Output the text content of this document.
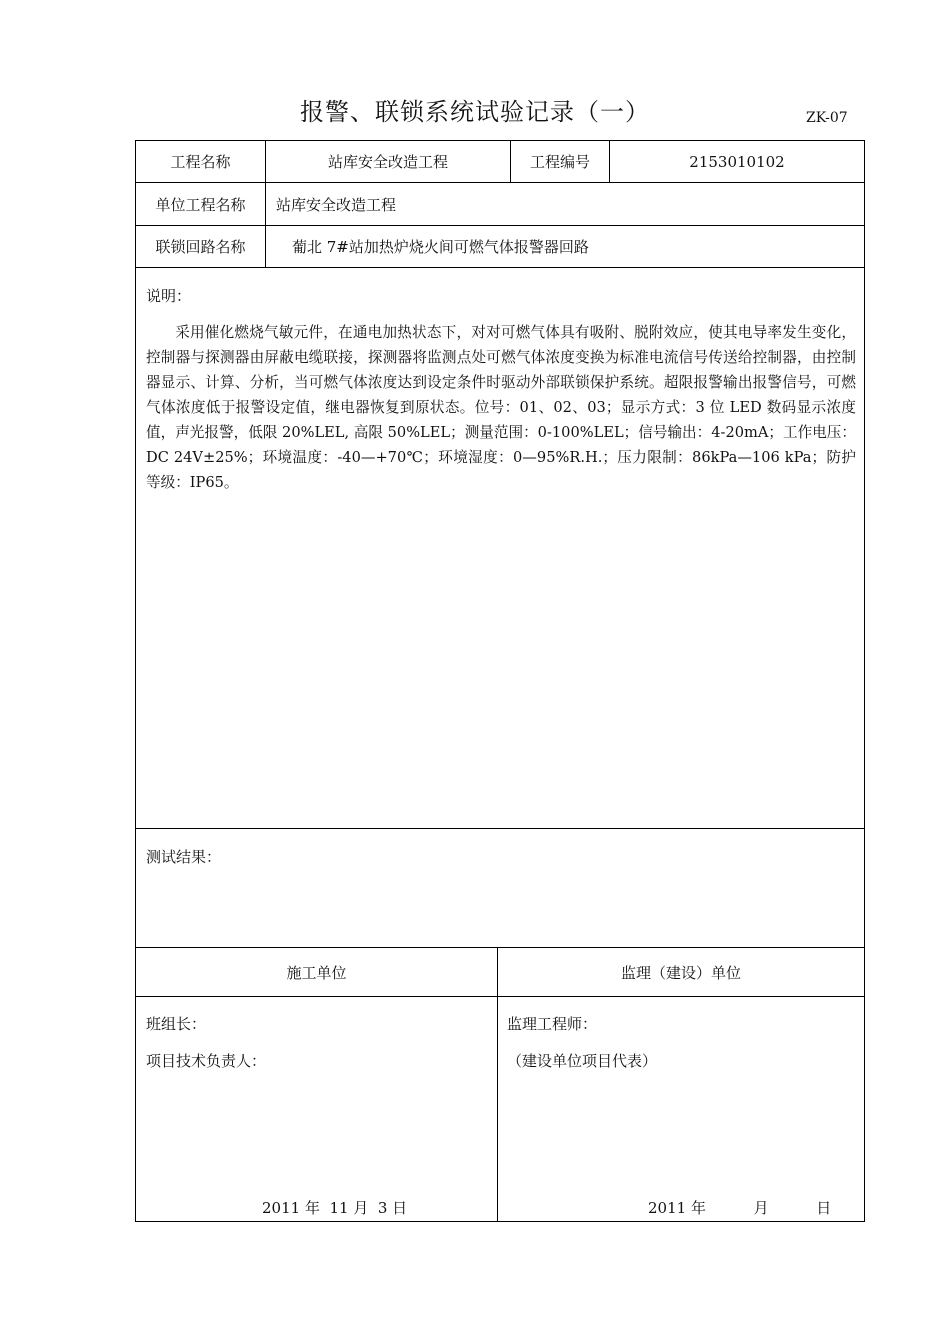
报警、联锁系统试验记录（一）	ZK-07
工程名称	站库安全改造工程	工程编号	2153010102
单位工程名称	站库安全改造工程
联锁回路名称	葡北 7#站加热炉烧火间可燃气体报警器回路
说明：
采用催化燃烧气敏元件，在通电加热状态下，对对可燃气体具有吸附、脱附效应，使其电导率发生变化，控制器与探测器由屏蔽电缆联接，探测器将监测点处可燃气体浓度变换为标准电流信号传送给控制器，由控制器显示、计算、分析，当可燃气体浓度达到设定条件时驱动外部联锁保护系统。超限报警输出报警信号，可燃气体浓度低于报警设定值，继电器恢复到原状态。位号：01、02、03；显示方式：3 位 LED 数码显示浓度值，声光报警，低限 20%LEL, 高限 50%LEL；测量范围：0-100%LEL；信号输出：4-20mA；工作电压：DC 24V±25%；环境温度：-40—+70℃；环境湿度：0—95%R.H.；压力限制：86kPa—106 kPa；防护等级：IP65。
测试结果：
施工单位	监理（建设）单位
班组长：
项目技术负责人：
2011 年  11 月  3 日
监理工程师：
（建设单位项目代表）
2011 年          月          日
